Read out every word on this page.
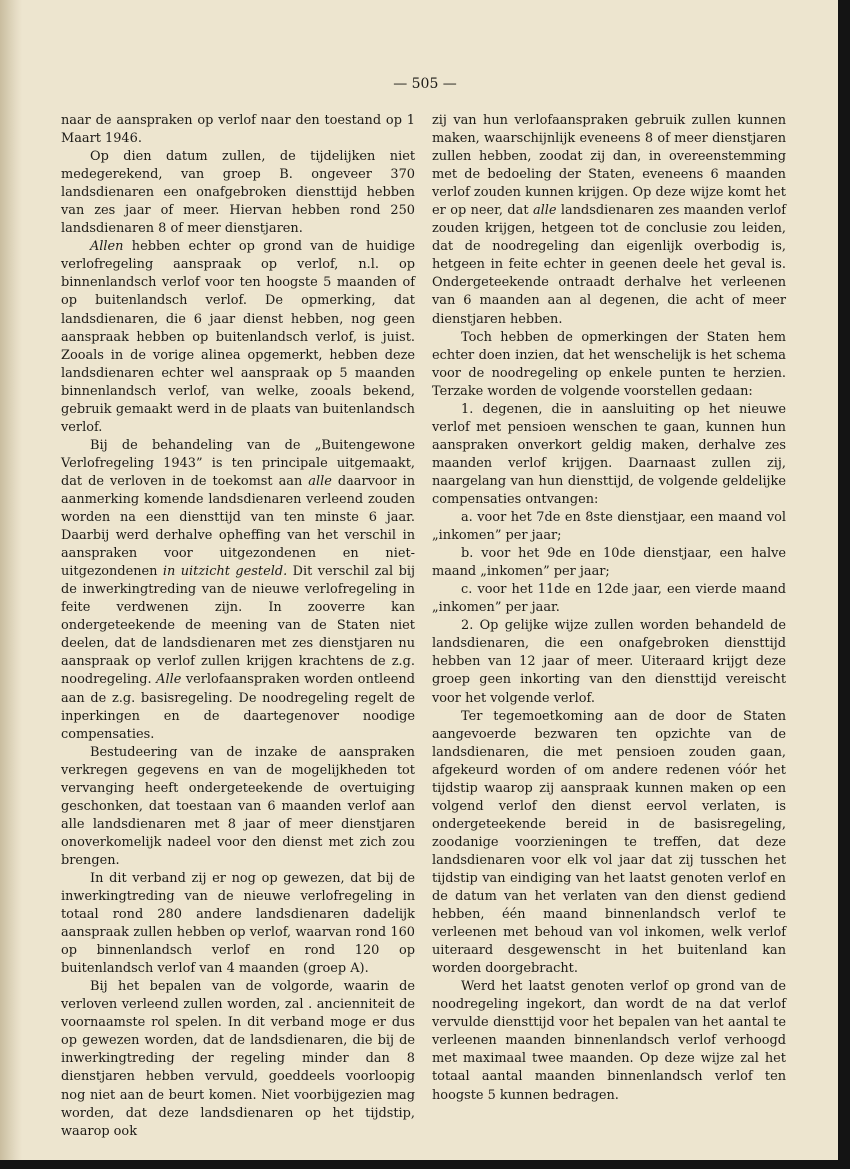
— 505 —

naar de aanspraken op verlof naar den toestand op 1 Maart 1946.

Op dien datum zullen, de tijdelijken niet medegerekend, van groep B. ongeveer 370 landsdienaren een onafgebroken diensttijd hebben van zes jaar of meer. Hiervan hebben rond 250 landsdienaren 8 of meer dienstjaren.

Allen hebben echter op grond van de huidige verlofregeling aanspraak op verlof, n.l. op binnenlandsch verlof voor ten hoogste 5 maanden of op buitenlandsch verlof. De opmerking, dat landsdienaren, die 6 jaar dienst hebben, nog geen aanspraak hebben op buitenlandsch verlof, is juist. Zooals in de vorige alinea opgemerkt, hebben deze landsdienaren echter wel aanspraak op 5 maanden binnenlandsch verlof, van welke, zooals bekend, gebruik gemaakt werd in de plaats van buitenlandsch verlof.

Bij de behandeling van de „Buitengewone Verlofregeling 1943” is ten principale uitgemaakt, dat de verloven in de toekomst aan alle daarvoor in aanmerking komende landsdienaren verleend zouden worden na een diensttijd van ten minste 6 jaar. Daarbij werd derhalve opheffing van het verschil in aanspraken voor uitgezondenen en niet-uitgezondenen in uitzicht gesteld. Dit verschil zal bij de inwerkingtreding van de nieuwe verlofregeling in feite verdwenen zijn. In zooverre kan ondergeteekende de meening van de Staten niet deelen, dat de landsdienaren met zes dienstjaren nu aanspraak op verlof zullen krijgen krachtens de z.g. noodregeling. Alle verlofaanspraken worden ontleend aan de z.g. basisregeling. De noodregeling regelt de inperkingen en de daartegenover noodige compensaties.

Bestudeering van de inzake de aanspraken verkregen gegevens en van de mogelijkheden tot vervanging heeft ondergeteekende de overtuiging geschonken, dat toestaan van 6 maanden verlof aan alle landsdienaren met 8 jaar of meer dienstjaren onoverkomelijk nadeel voor den dienst met zich zou brengen.

In dit verband zij er nog op gewezen, dat bij de inwerkingtreding van de nieuwe verlofregeling in totaal rond 280 andere landsdienaren dadelijk aanspraak zullen hebben op verlof, waarvan rond 160 op binnenlandsch verlof en rond 120 op buitenlandsch verlof van 4 maanden (groep A).

Bij het bepalen van de volgorde, waarin de verloven verleend zullen worden, zal . ancienniteit de voornaamste rol spelen. In dit verband moge er dus op gewezen worden, dat de landsdienaren, die bij de inwerkingtreding der regeling minder dan 8 dienstjaren hebben vervuld, goeddeels voorloopig nog niet aan de beurt komen. Niet voorbijgezien mag worden, dat deze landsdienaren op het tijdstip, waarop ook

zij van hun verlofaanspraken gebruik zullen kunnen maken, waarschijnlijk eveneens 8 of meer dienstjaren zullen hebben, zoodat zij dan, in overeenstemming met de bedoeling der Staten, eveneens 6 maanden verlof zouden kunnen krijgen. Op deze wijze komt het er op neer, dat alle landsdienaren zes maanden verlof zouden krijgen, hetgeen tot de conclusie zou leiden, dat de noodregeling dan eigenlijk overbodig is, hetgeen in feite echter in geenen deele het geval is. Ondergeteekende ontraadt derhalve het verleenen van 6 maanden aan al degenen, die acht of meer dienstjaren hebben.

Toch hebben de opmerkingen der Staten hem echter doen inzien, dat het wenschelijk is het schema voor de noodregeling op enkele punten te herzien. Terzake worden de volgende voorstellen gedaan:

1. degenen, die in aansluiting op het nieuwe verlof met pensioen wenschen te gaan, kunnen hun aanspraken onverkort geldig maken, derhalve zes maanden verlof krijgen. Daarnaast zullen zij, naargelang van hun diensttijd, de volgende geldelijke compensaties ontvangen:

a. voor het 7de en 8ste dienstjaar, een maand vol „inkomen” per jaar;

b. voor het 9de en 10de dienstjaar, een halve maand „inkomen” per jaar;

c. voor het 11de en 12de jaar, een vierde maand „inkomen” per jaar.

2. Op gelijke wijze zullen worden behandeld de landsdienaren, die een onafgebroken diensttijd hebben van 12 jaar of meer. Uiteraard krijgt deze groep geen inkorting van den diensttijd vereischt voor het volgende verlof.

Ter tegemoetkoming aan de door de Staten aangevoerde bezwaren ten opzichte van de landsdienaren, die met pensioen zouden gaan, afgekeurd worden of om andere redenen vóór het tijdstip waarop zij aanspraak kunnen maken op een volgend verlof den dienst eervol verlaten, is ondergeteekende bereid in de basisregeling, zoodanige voorzieningen te treffen, dat deze landsdienaren voor elk vol jaar dat zij tusschen het tijdstip van eindiging van het laatst genoten verlof en de datum van het verlaten van den dienst gediend hebben, één maand binnenlandsch verlof te verleenen met behoud van vol inkomen, welk verlof uiteraard desgewenscht in het buitenland kan worden doorgebracht.

Werd het laatst genoten verlof op grond van de noodregeling ingekort, dan wordt de na dat verlof vervulde diensttijd voor het bepalen van het aantal te verleenen maanden binnenlandsch verlof verhoogd met maximaal twee maanden. Op deze wijze zal het totaal aantal maanden binnenlandsch verlof ten hoogste 5 kunnen bedragen.
